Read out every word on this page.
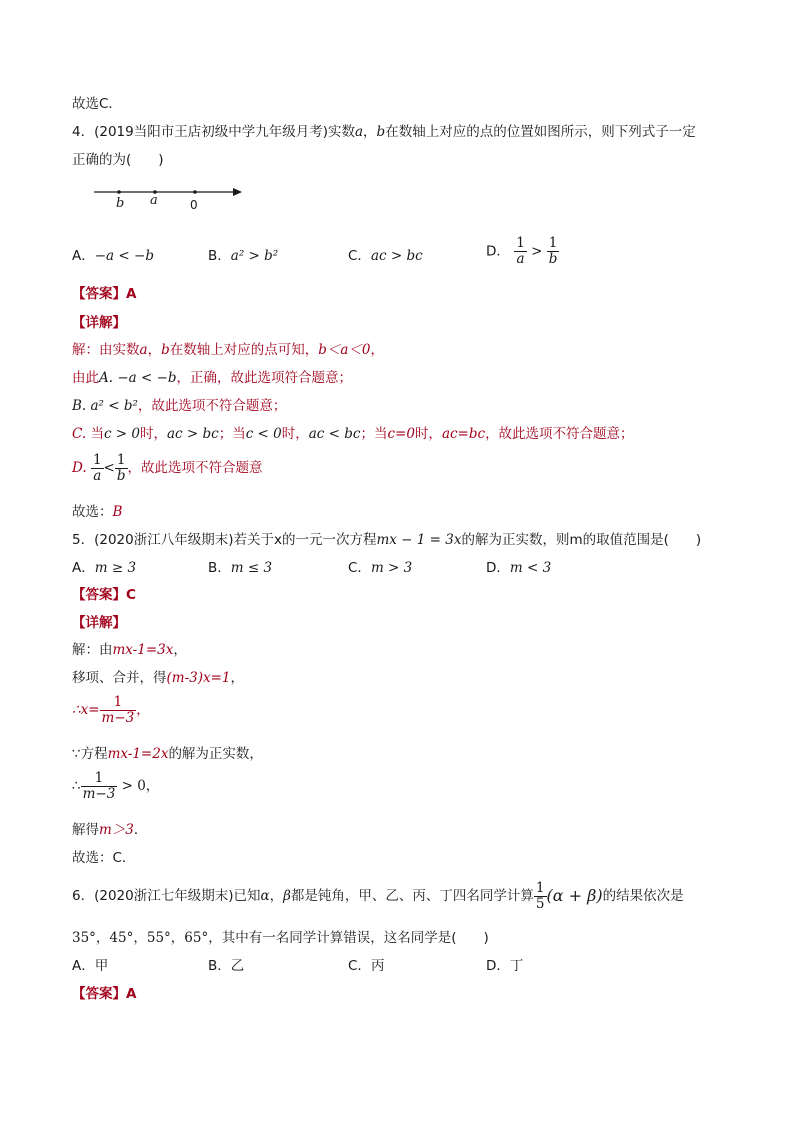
故选C．
4．(2019当阳市王店初级中学九年级月考)实数a，b在数轴上对应的点的位置如图所示，则下列式子一定
正确的为(　　)
b a	0
A．−a < −b	B．a² > b²	C．ac > bc	D． $\frac{1}{a} > \frac{1}{b}$
【答案】A
【详解】
解：由实数a，b在数轴上对应的点可知，b＜a＜0，
由此A. −a < −b，正确，故此选项符合题意；
B. a² < b²，故此选项不符合题意；
C. 当c > 0时，ac > bc；当c < 0时，ac < bc；当c=0时，ac=bc，故此选项不符合题意；
D. $\frac{1}{a} < \frac{1}{b}$ ，故此选项不符合题意
故选：B
5．(2020浙江八年级期末)若关于x的一元一次方程mx − 1 = 3x的解为正实数，则m的取值范围是(　　)
A．m ≥ 3	B．m ≤ 3	C．m > 3	D．m < 3
【答案】C
【详解】
解：由mx-1=3x，
移项、合并，得(m-3)x=1，
∴x= $\frac{1}{m-3}$ ，
∵方程mx-1=2x的解为正实数，
∴ $\frac{1}{m-3} > 0$，
解得m＞3．
故选：C．
6．(2020浙江七年级期末)已知α，β都是钝角，甲、乙、丙、丁四名同学计算 $\frac{1}{5} (\alpha + \beta)$的结果依次是
35°，45°，55°，65°，其中有一名同学计算错误，这名同学是(　　)
A．甲	B．乙	C．丙	D．丁
【答案】A
